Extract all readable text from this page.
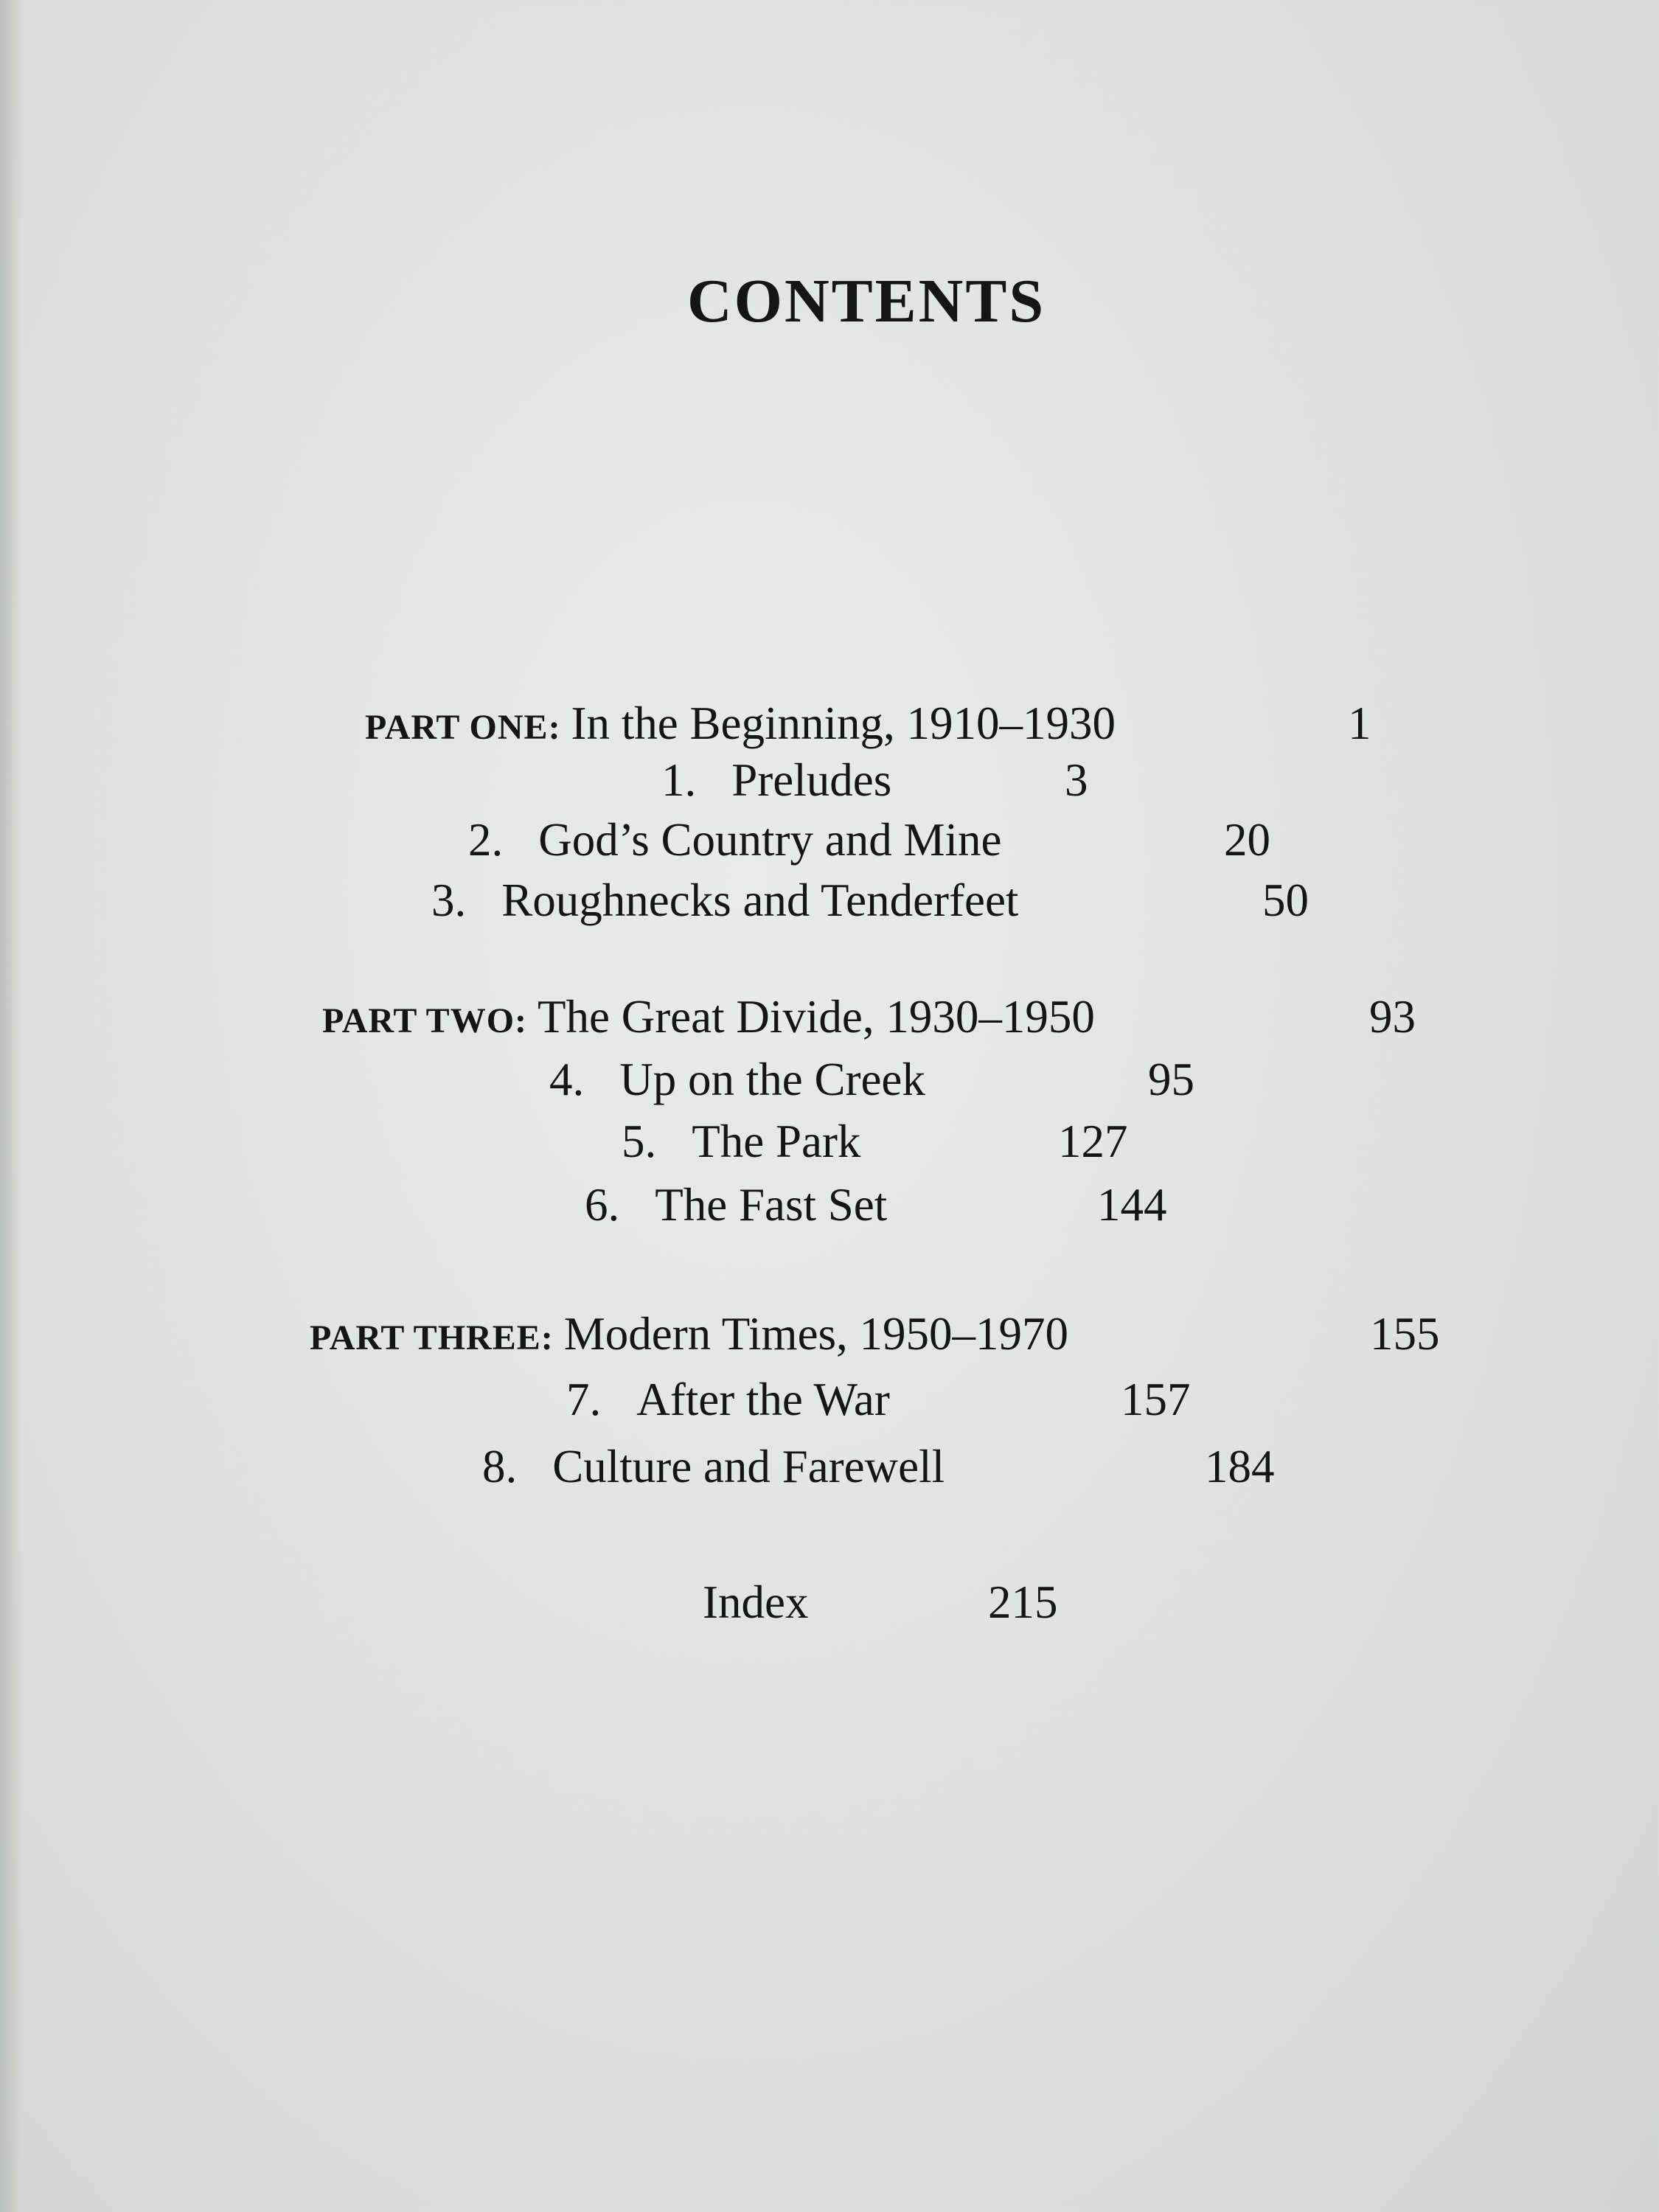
CONTENTS
PART ONE: In the Beginning, 1910–1930	1
1. Preludes	3
2. God’s Country and Mine	20
3. Roughnecks and Tenderfeet	50
PART TWO: The Great Divide, 1930–1950	93
4. Up on the Creek	95
5. The Park	127
6. The Fast Set	144
PART THREE: Modern Times, 1950–1970	155
7. After the War	157
8. Culture and Farewell	184
Index	215
